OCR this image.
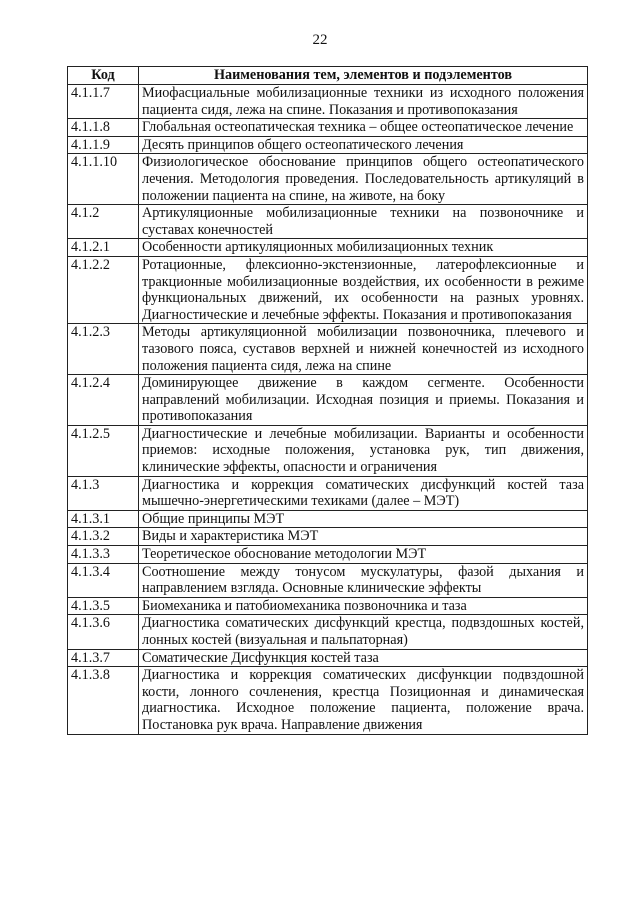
22
Код	Наименования тем, элементов и подэлементов
4.1.1.7	Миофасциальные мобилизационные техники из исходного положения пациента сидя, лежа на спине. Показания и противопоказания
4.1.1.8	Глобальная остеопатическая техника – общее остеопатическое лечение
4.1.1.9	Десять принципов общего остеопатического лечения
4.1.1.10	Физиологическое обоснование принципов общего остеопатического лечения. Методология проведения. Последовательность артикуляций в положении пациента на спине, на животе, на боку
4.1.2	Артикуляционные мобилизационные техники на позвоночнике и суставах конечностей
4.1.2.1	Особенности артикуляционных мобилизационных техник
4.1.2.2	Ротационные, флексионно-экстензионные, латерофлексионные и тракционные мобилизационные воздействия, их особенности в режиме функциональных движений, их особенности на разных уровнях. Диагностические и лечебные эффекты. Показания и противопоказания
4.1.2.3	Методы артикуляционной мобилизации позвоночника, плечевого и тазового пояса, суставов верхней и нижней конечностей из исходного положения пациента сидя, лежа на спине
4.1.2.4	Доминирующее движение в каждом сегменте. Особенности направлений мобилизации. Исходная позиция и приемы. Показания и противопоказания
4.1.2.5	Диагностические и лечебные мобилизации. Варианты и особенности приемов: исходные положения, установка рук, тип движения, клинические эффекты, опасности и ограничения
4.1.3	Диагностика и коррекция соматических дисфункций костей таза мышечно-энергетическими техиками (далее – МЭТ)
4.1.3.1	Общие принципы МЭТ
4.1.3.2	Виды и характеристика МЭТ
4.1.3.3	Теоретическое обоснование методологии МЭТ
4.1.3.4	Соотношение между тонусом мускулатуры, фазой дыхания и направлением взгляда. Основные клинические эффекты
4.1.3.5	Биомеханика и патобиомеханика позвоночника и таза
4.1.3.6	Диагностика соматических дисфункций крестца, подвздошных костей, лонных костей (визуальная и пальпаторная)
4.1.3.7	Соматические Дисфункция костей таза
4.1.3.8	Диагностика и коррекция соматических дисфункции подвздошной кости, лонного сочленения, крестца Позиционная и динамическая диагностика. Исходное положение пациента, положение врача. Постановка рук врача. Направление движения
